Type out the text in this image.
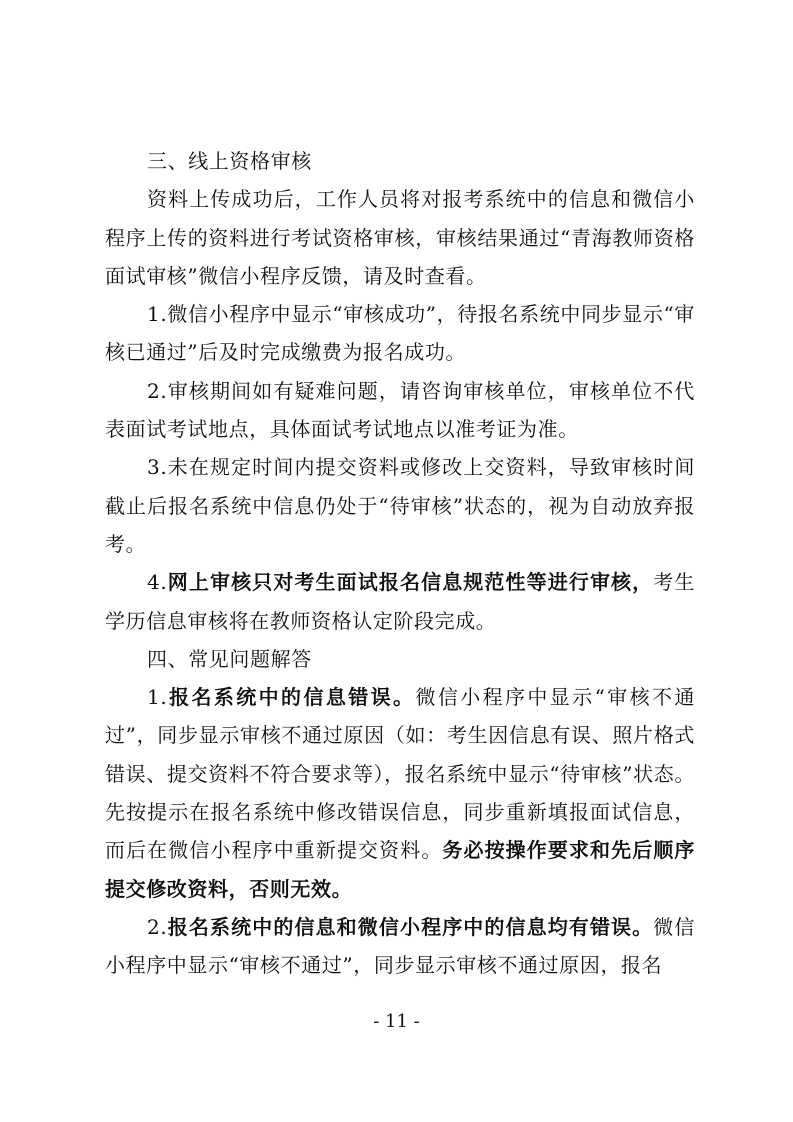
三、线上资格审核

资料上传成功后，工作人员将对报考系统中的信息和微信小程序上传的资料进行考试资格审核，审核结果通过“青海教师资格面试审核”微信小程序反馈，请及时查看。

1.微信小程序中显示“审核成功”，待报名系统中同步显示“审核已通过”后及时完成缴费为报名成功。

2.审核期间如有疑难问题，请咨询审核单位，审核单位不代表面试考试地点，具体面试考试地点以准考证为准。

3.未在规定时间内提交资料或修改上交资料，导致审核时间截止后报名系统中信息仍处于“待审核”状态的，视为自动放弃报考。

4.网上审核只对考生面试报名信息规范性等进行审核，考生学历信息审核将在教师资格认定阶段完成。

四、常见问题解答

1.报名系统中的信息错误。微信小程序中显示“审核不通过”，同步显示审核不通过原因（如：考生因信息有误、照片格式错误、提交资料不符合要求等），报名系统中显示“待审核”状态。先按提示在报名系统中修改错误信息，同步重新填报面试信息，而后在微信小程序中重新提交资料。务必按操作要求和先后顺序提交修改资料，否则无效。

2.报名系统中的信息和微信小程序中的信息均有错误。微信小程序中显示“审核不通过”，同步显示审核不通过原因，报名

- 11 -
